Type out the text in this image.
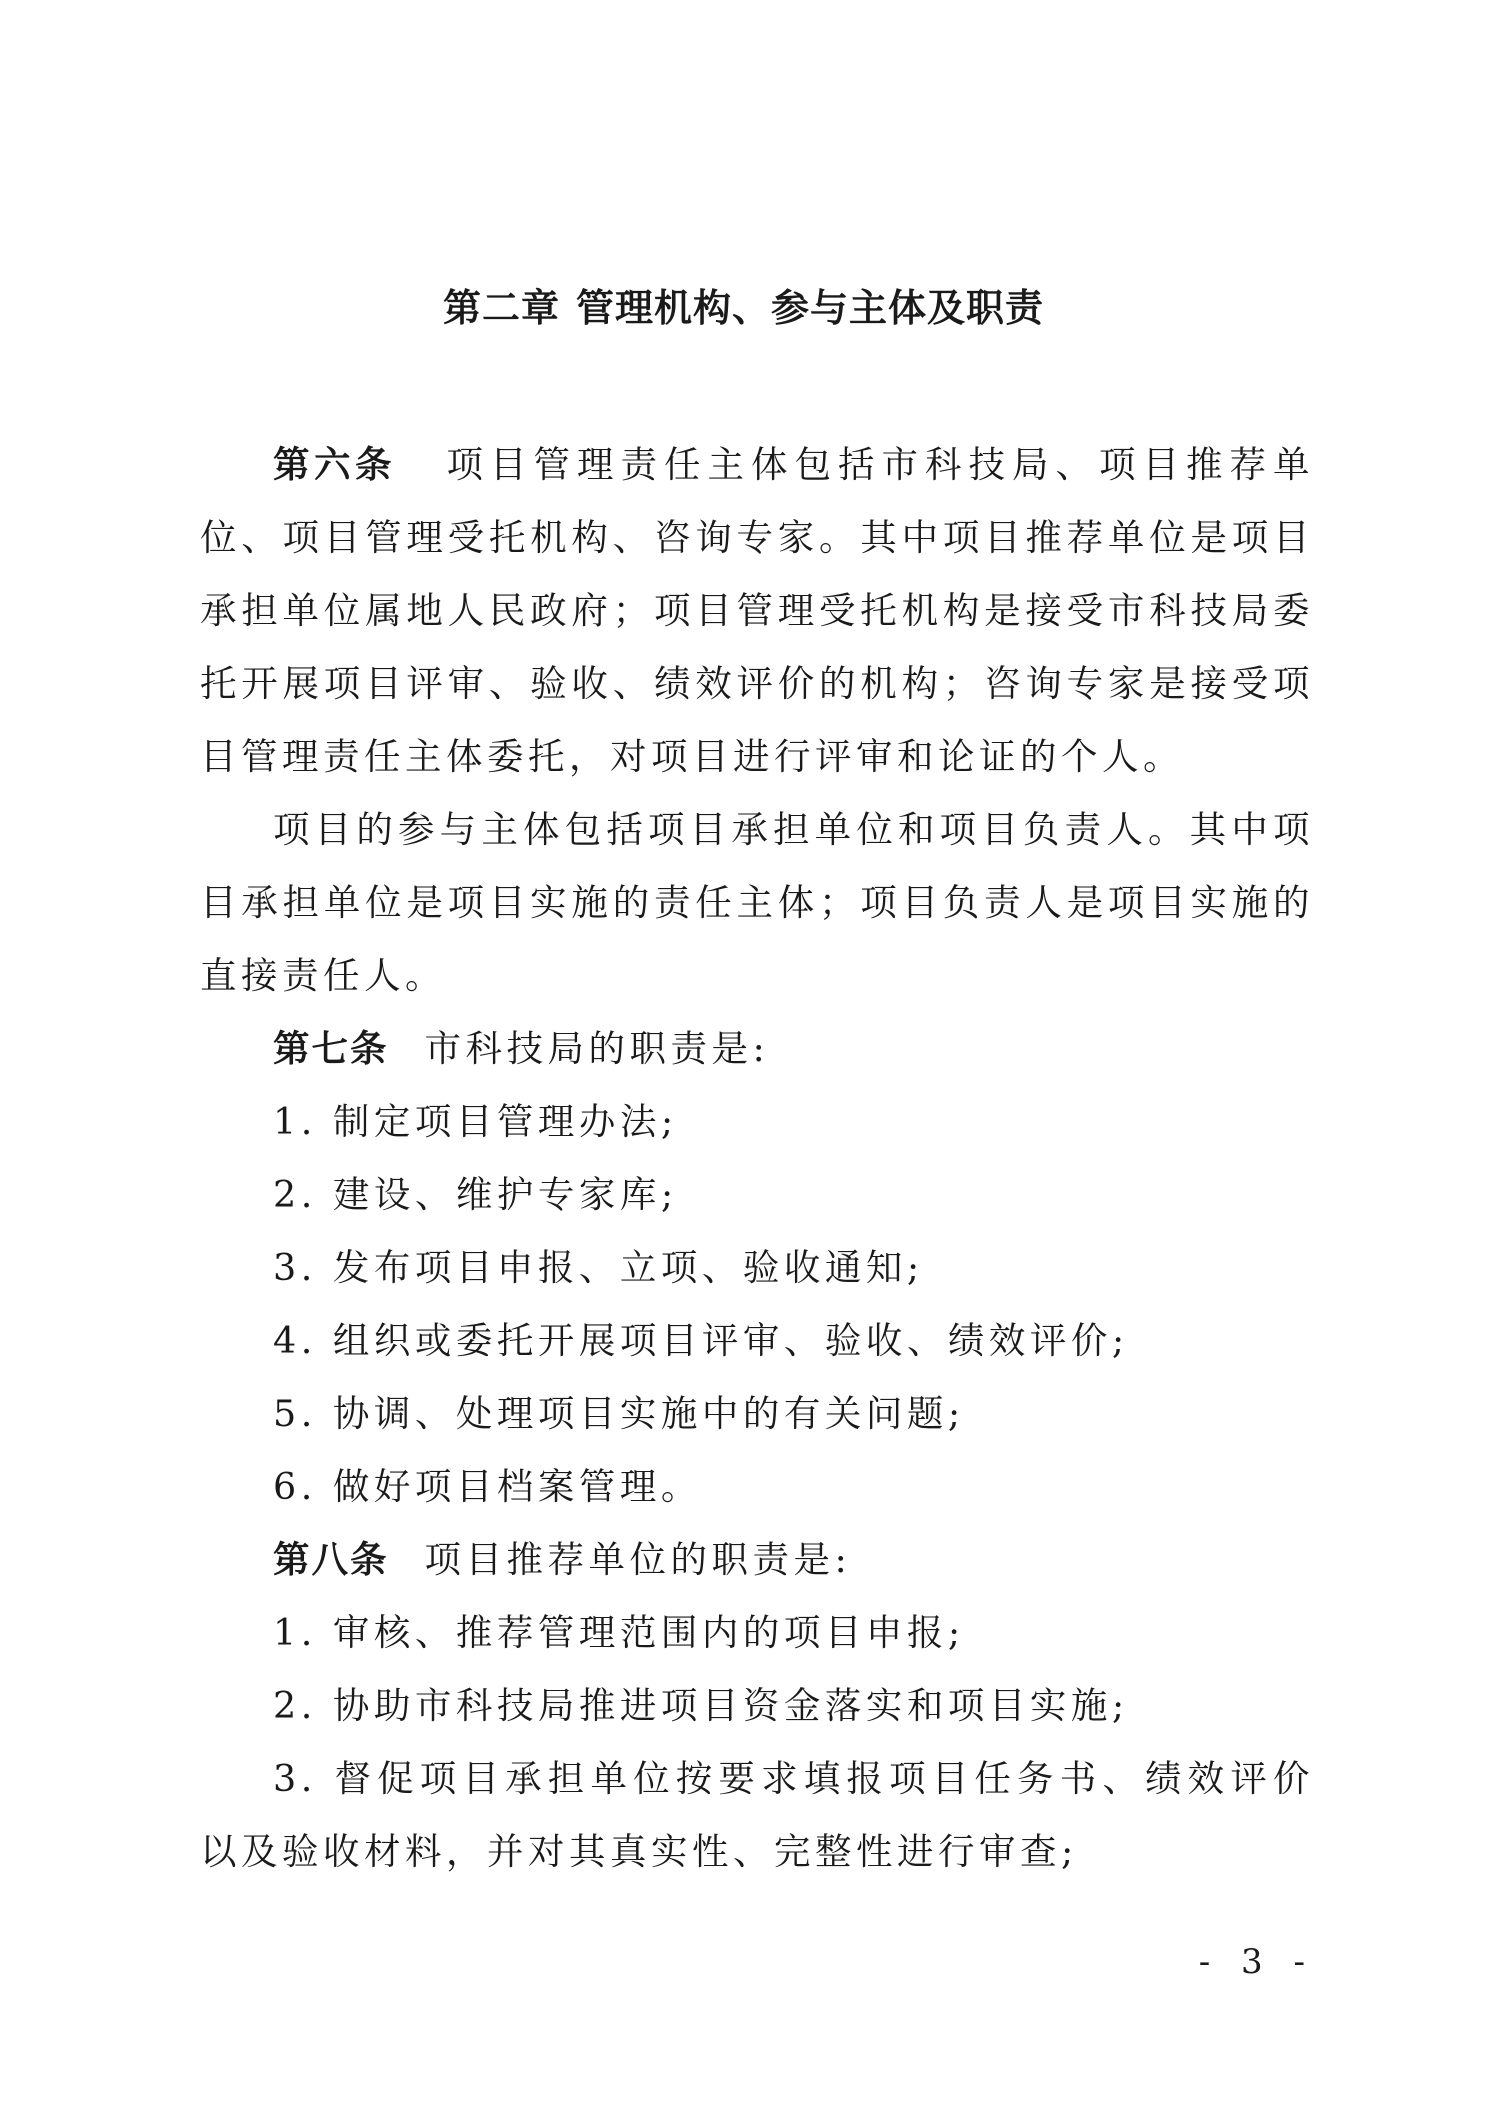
第二章 管理机构、参与主体及职责

第六条 项目管理责任主体包括市科技局、项目推荐单位、项目管理受托机构、咨询专家。其中项目推荐单位是项目承担单位属地人民政府；项目管理受托机构是接受市科技局委托开展项目评审、验收、绩效评价的机构；咨询专家是接受项目管理责任主体委托，对项目进行评审和论证的个人。

项目的参与主体包括项目承担单位和项目负责人。其中项目承担单位是项目实施的责任主体；项目负责人是项目实施的直接责任人。

第七条 市科技局的职责是:

1. 制定项目管理办法;

2. 建设、维护专家库;

3. 发布项目申报、立项、验收通知;

4. 组织或委托开展项目评审、验收、绩效评价;

5. 协调、处理项目实施中的有关问题;

6. 做好项目档案管理。

第八条 项目推荐单位的职责是:

1. 审核、推荐管理范围内的项目申报;

2. 协助市科技局推进项目资金落实和项目实施;

3. 督促项目承担单位按要求填报项目任务书、绩效评价以及验收材料，并对其真实性、完整性进行审查;

- 3 -
